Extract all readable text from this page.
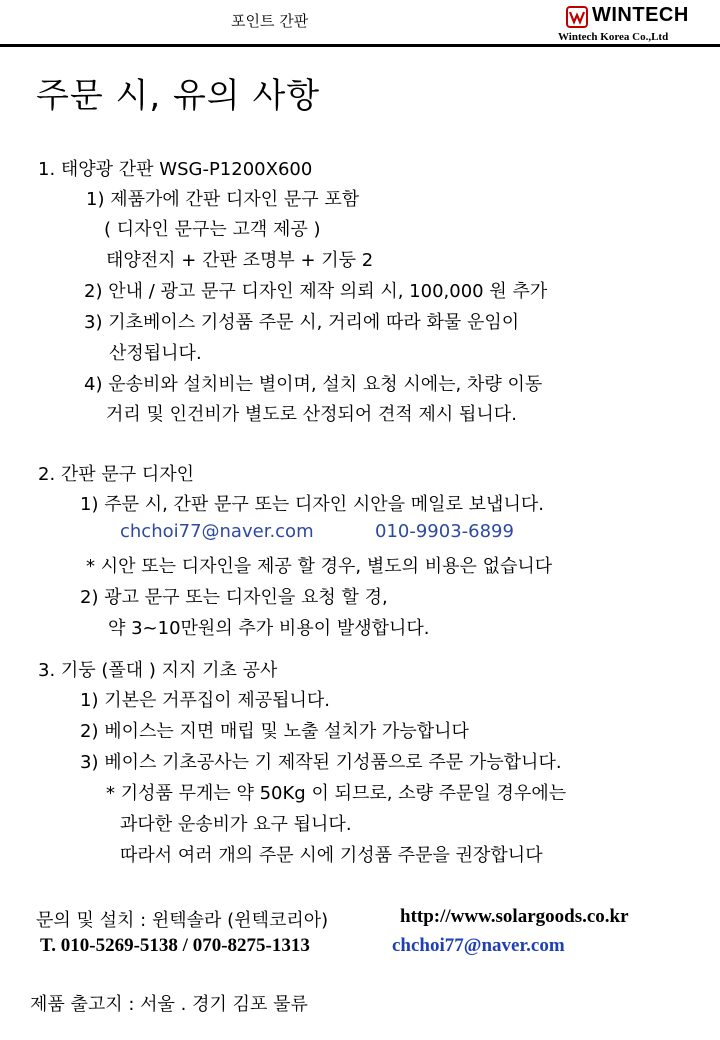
포인트 간판	WINTECH
Wintech Korea Co.,Ltd
주문 시, 유의 사항
1. 태양광 간판 WSG-P1200X600
1) 제품가에 간판 디자인 문구 포함
( 디자인 문구는 고객 제공 )
태양전지 + 간판 조명부 + 기둥 2
2) 안내 / 광고 문구 디자인 제작 의뢰 시, 100,000 원 추가
3) 기초베이스 기성품 주문 시, 거리에 따라 화물 운임이
산정됩니다.
4) 운송비와 설치비는 별이며, 설치 요청 시에는, 차량 이동
거리 및 인건비가 별도로 산정되어 견적 제시 됩니다.
2. 간판 문구 디자인
1) 주문 시, 간판 문구 또는 디자인 시안을 메일로 보냅니다.
chchoi77@naver.com	010-9903-6899
* 시안 또는 디자인을 제공 할 경우, 별도의 비용은 없습니다
2) 광고 문구 또는 디자인을 요청 할 경,
약 3~10만원의 추가 비용이 발생합니다.
3. 기둥 (폴대 ) 지지 기초 공사
1) 기본은 거푸집이 제공됩니다.
2) 베이스는 지면 매립 및 노출 설치가 가능합니다
3) 베이스 기초공사는 기 제작된 기성품으로 주문 가능합니다.
* 기성품 무게는 약 50Kg 이 되므로, 소량 주문일 경우에는
과다한 운송비가 요구 됩니다.
따라서 여러 개의 주문 시에 기성품 주문을 권장합니다
문의 및 설치 : 윈텍솔라 (윈텍코리아)	http://www.solargoods.co.kr
T. 010-5269-5138 / 070-8275-1313	chchoi77@naver.com
제품 출고지 : 서울 . 경기 김포 물류
